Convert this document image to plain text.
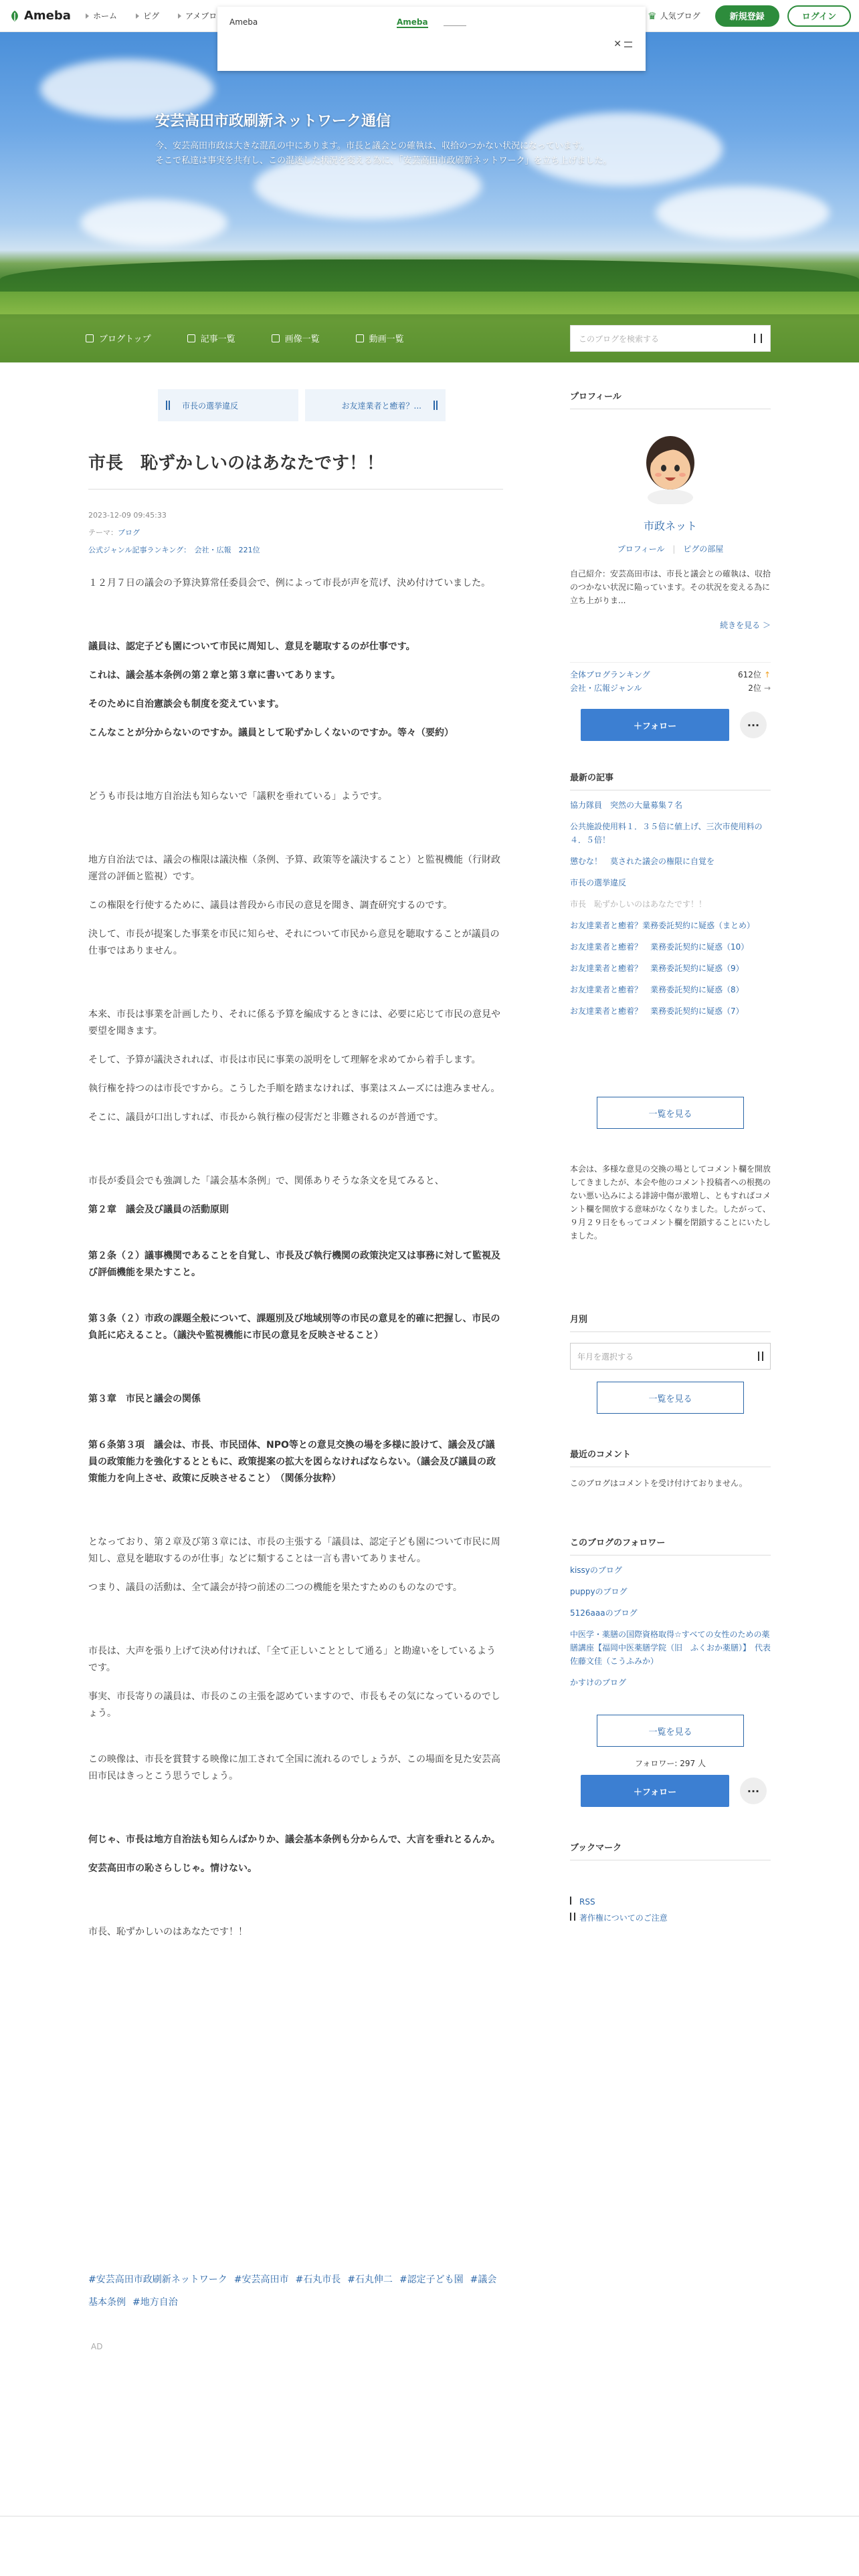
Ameba	ホーム	ピグ	アメブロ	♛ 人気ブログ	新規登録	ログイン
Ameba	Ameba
✕
安芸高田市政刷新ネットワーク通信
今、安芸高田市政は大きな混乱の中にあります。市長と議会との確執は、収拾のつかない状況になっています。
そこで私達は事実を共有し、この混迷した状況を変える為に、「安芸高田市政刷新ネットワーク」を立ち上げました。
ブログトップ	記事一覧	画像一覧	動画一覧	このブログを検索する
市長の選挙違反	お友達業者と癒着？...
市長　恥ずかしいのはあなたです！！
2023-12-09 09:45:33
テーマ：ブログ
公式ジャンル記事ランキング：　会社・広報　221位

１２月７日の議会の予算決算常任委員会で、例によって市長が声を荒げ、決め付けていました。

議員は、認定子ども園について市民に周知し、意見を聴取するのが仕事です。

これは、議会基本条例の第２章と第３章に書いてあります。

そのために自治憲談会も制度を変えています。

こんなことが分からないのですか。議員として恥ずかしくないのですか。等々（要約）

どうも市長は地方自治法も知らないで「議釈を垂れている」ようです。

地方自治法では、議会の権限は議決権（条例、予算、政策等を議決すること）と監視機能（行財政運営の評価と監視）です。

この権限を行使するために、議員は普段から市民の意見を聞き、調査研究するのです。

決して、市長が提案した事業を市民に知らせ、それについて市民から意見を聴取することが議員の仕事ではありません。

本来、市長は事業を計画したり、それに係る予算を編成するときには、必要に応じて市民の意見や要望を聞きます。

そして、予算が議決されれば、市長は市民に事業の説明をして理解を求めてから着手します。

執行権を持つのは市長ですから。こうした手順を踏まなければ、事業はスムーズには進みません。

そこに、議員が口出しすれば、市長から執行権の侵害だと非難されるのが普通です。

市長が委員会でも強調した「議会基本条例」で、関係ありそうな条文を見てみると、

第２章　議会及び議員の活動原則

第２条（２）議事機関であることを自覚し、市長及び執行機関の政策決定又は事務に対して監視及び評価機能を果たすこと。

第３条（２）市政の課題全般について、課題別及び地域別等の市民の意見を的確に把握し、市民の負託に応えること。（議決や監視機能に市民の意見を反映させること）

第３章　市民と議会の関係

第６条第３項　議会は、市長、市民団体、NPO等との意見交換の場を多様に設けて、議会及び議員の政策能力を強化するとともに、政策提案の拡大を図らなければならない。（議会及び議員の政策能力を向上させ、政策に反映させること）　（関係分抜粋）

となっており、第２章及び第３章には、市長の主張する「議員は、認定子ども園について市民に周知し、意見を聴取するのが仕事」などに類することは一言も書いてありません。

つまり、議員の活動は、全て議会が持つ前述の二つの機能を果たすためのものなのです。

市長は、大声を張り上げて決め付ければ、「全て正しいこととして通る」と勘違いをしているようです。

事実、市長寄りの議員は、市長のこの主張を認めていますので、市長もその気になっているのでしょう。

この映像は、市長を賞賛する映像に加工されて全国に流れるのでしょうが、この場面を見た安芸高田市民はきっとこう思うでしょう。

何じゃ、市長は地方自治法も知らんばかりか、議会基本条例も分からんで、大言を垂れとるんか。

安芸高田市の恥さらしじゃ。情けない。

市長、恥ずかしいのはあなたです！！

#安芸高田市政刷新ネットワーク #安芸高田市 #石丸市長 #石丸伸二 #認定子ども園 #議会基本条例 #地方自治
AD
プロフィール
市政ネット
プロフィール | ピグの部屋
自己紹介：安芸高田市は、市長と議会との確執は、収拾のつかない状況に陥っています。その状況を変える為に立ち上がりま...
続きを見る ＞
全体ブログランキング	612位 ↑
会社・広報ジャンル	2位 →
＋フォロー	···
最新の記事
協力隊員　突然の大量募集７名
公共施設使用料１．３５倍に値上げ、三次市使用料の４．５倍！
懲むな！　莫された議会の権限に自覚を
市長の選挙違反
市長　恥ずかしいのはあなたです！！
お友達業者と癒着？業務委託契約に疑惑（まとめ）
お友達業者と癒着？　業務委託契約に疑惑（10）
お友達業者と癒着？　業務委託契約に疑惑（9）
お友達業者と癒着？　業務委託契約に疑惑（8）
お友達業者と癒着？　業務委託契約に疑惑（7）
一覧を見る
本会は、多様な意見の交換の場としてコメント欄を開放してきましたが、本会や他のコメント投稿者への根拠のない悪い込みによる誹謗中傷が激増し、ともすればコメント欄を開放する意味がなくなりました。したがって、９月２９日をもってコメント欄を閉鎖することにいたしました。
月別
年月を選択する
一覧を見る
最近のコメント
このブログはコメントを受け付けておりません。
このブログのフォロワー
kissyのブログ
puppyのブログ
5126aaaのブログ
中医学・薬膳の国際資格取得☆すべての女性のための薬膳講座【福岡中医薬膳学院（旧　ふくおか薬膳）】　代表　佐藤文佳（こうふみか）
かすけのブログ
一覧を見る
フォロワー: 297 人
＋フォロー	···
ブックマーク
RSS
著作権についてのご注意
